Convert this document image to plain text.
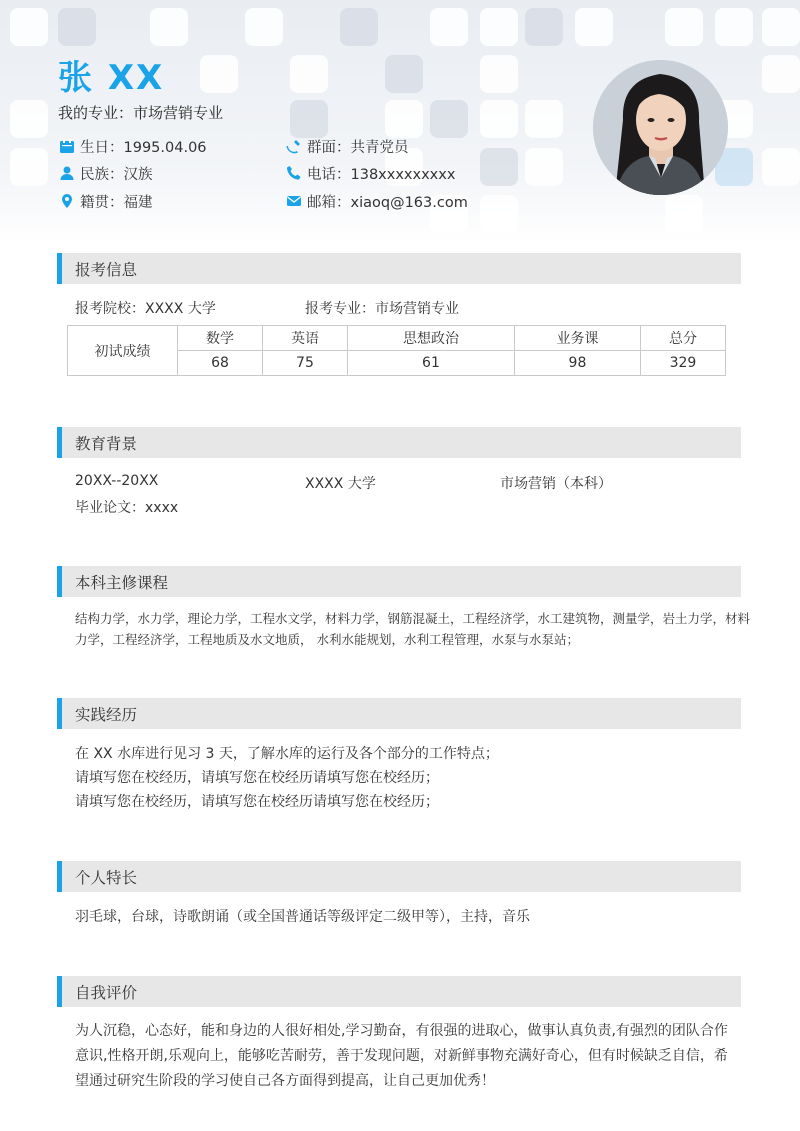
张 XX
我的专业：市场营销专业
生日：1995.04.06
民族：汉族
籍贯：福建
群面：共青党员
电话：138xxxxxxxxx
邮箱：xiaoq@163.com
报考信息
报考院校：XXXX 大学	报考专业：市场营销专业
初试成绩	数学	英语	思想政治	业务课	总分
	68	75	61	98	329
教育背景
20XX--20XX	XXXX 大学	市场营销（本科）
毕业论文：xxxx
本科主修课程
结构力学，水力学，理论力学，工程水文学，材料力学，钢筋混凝土，工程经济学，水工建筑物，测量学，岩土力学，材料
力学，工程经济学，工程地质及水文地质， 水利水能规划，水利工程管理，水泵与水泵站；
实践经历
在 XX 水库进行见习 3 天，了解水库的运行及各个部分的工作特点；
请填写您在校经历，请填写您在校经历请填写您在校经历；
请填写您在校经历，请填写您在校经历请填写您在校经历；
个人特长
羽毛球，台球，诗歌朗诵（或全国普通话等级评定二级甲等），主持，音乐
自我评价
为人沉稳，心态好，能和身边的人很好相处,学习勤奋，有很强的进取心，做事认真负责,有强烈的团队合作
意识,性格开朗,乐观向上，能够吃苦耐劳，善于发现问题，对新鲜事物充满好奇心，但有时候缺乏自信，希
望通过研究生阶段的学习使自己各方面得到提高，让自己更加优秀！
